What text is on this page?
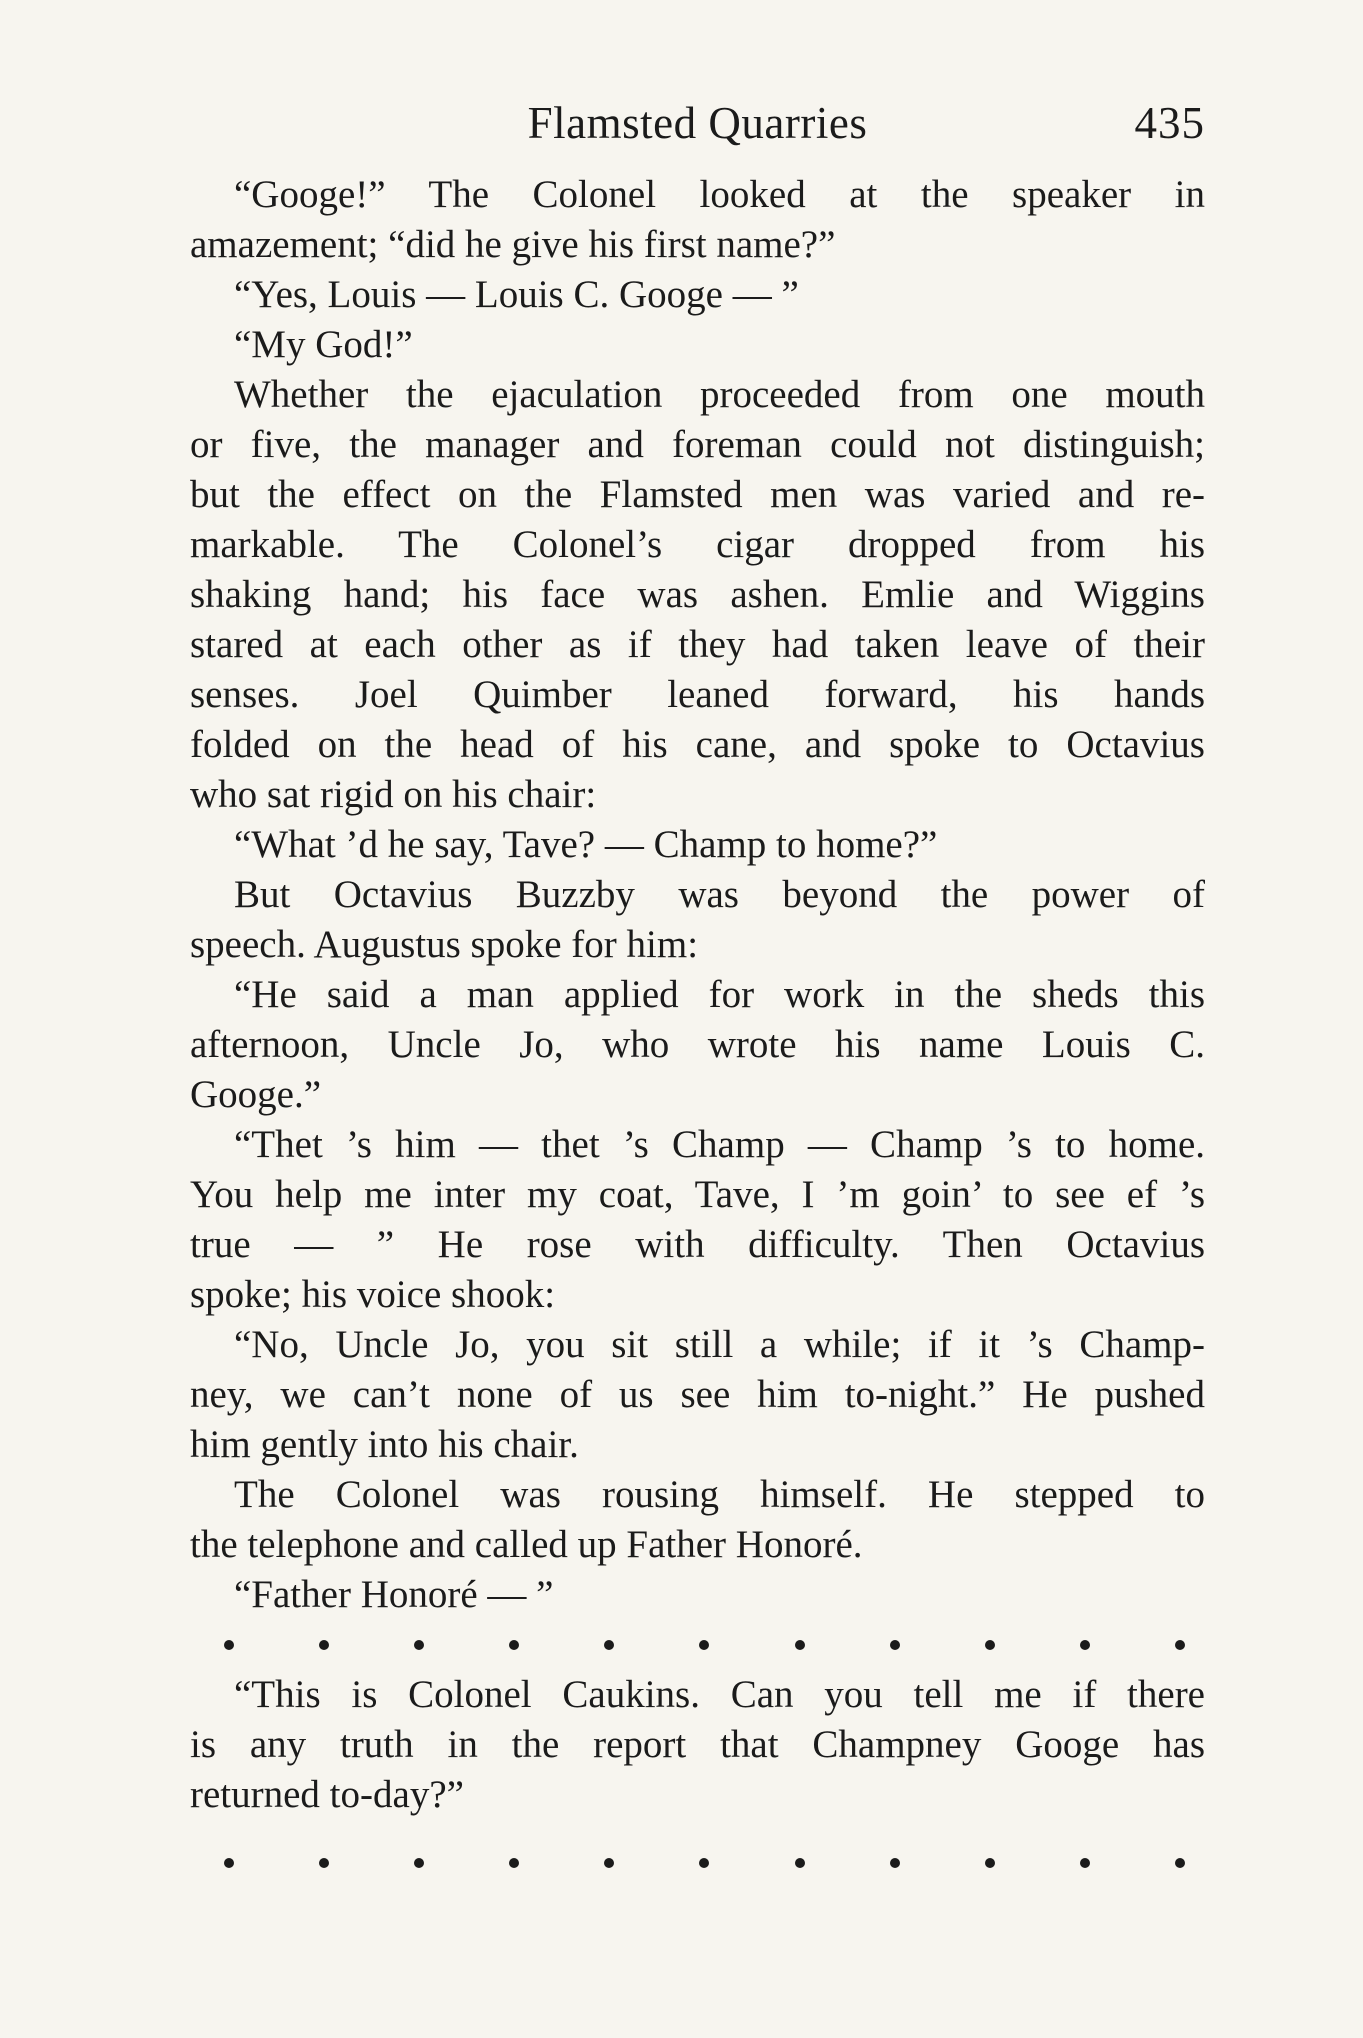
Flamsted Quarries	435
“Googe!” The Colonel looked at the speaker in
amazement; “did he give his first name?”
“Yes, Louis — Louis C. Googe — ”
“My God!”
Whether the ejaculation proceeded from one mouth
or five, the manager and foreman could not distinguish;
but the effect on the Flamsted men was varied and re-
markable. The Colonel’s cigar dropped from his
shaking hand; his face was ashen. Emlie and Wiggins
stared at each other as if they had taken leave of their
senses. Joel Quimber leaned forward, his hands
folded on the head of his cane, and spoke to Octavius
who sat rigid on his chair:
“What ’d he say, Tave? — Champ to home?”
But Octavius Buzzby was beyond the power of
speech. Augustus spoke for him:
“He said a man applied for work in the sheds this
afternoon, Uncle Jo, who wrote his name Louis C.
Googe.”
“Thet ’s him — thet ’s Champ — Champ ’s to home.
You help me inter my coat, Tave, I ’m goin’ to see ef ’s
true — ” He rose with difficulty. Then Octavius
spoke; his voice shook:
“No, Uncle Jo, you sit still a while; if it ’s Champ-
ney, we can’t none of us see him to-night.” He pushed
him gently into his chair.
The Colonel was rousing himself. He stepped to
the telephone and called up Father Honoré.
“Father Honoré — ”
“This is Colonel Caukins. Can you tell me if there
is any truth in the report that Champney Googe has
returned to-day?”
